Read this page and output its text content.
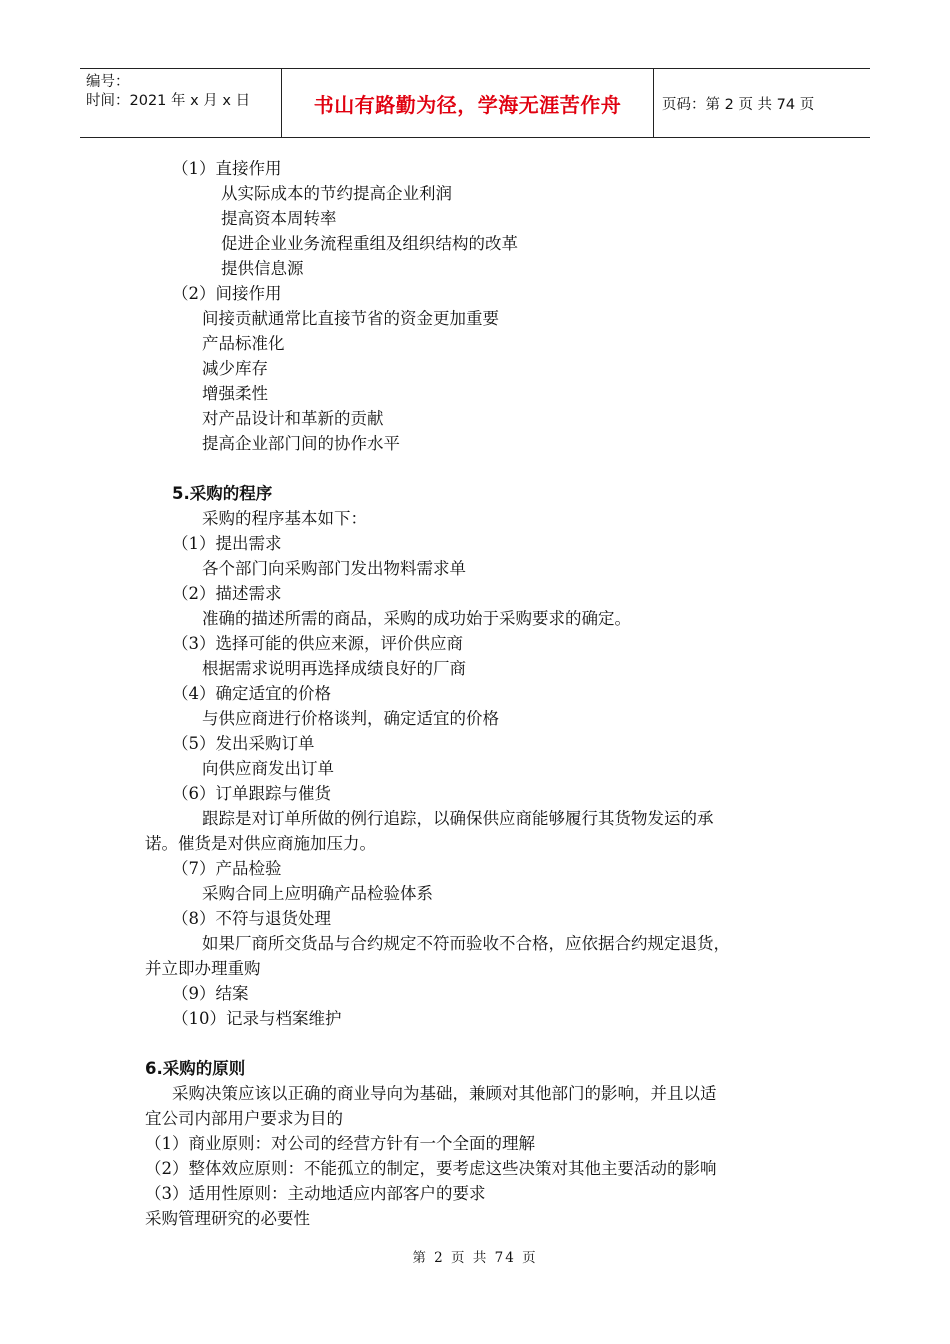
编号：
时间：2021 年 x 月 x 日	书山有路勤为径，学海无涯苦作舟	页码：第 2 页 共 74 页
（1）直接作用
从实际成本的节约提高企业利润
提高资本周转率
促进企业业务流程重组及组织结构的改革
提供信息源
（2）间接作用
间接贡献通常比直接节省的资金更加重要
产品标准化
减少库存
增强柔性
对产品设计和革新的贡献
提高企业部门间的协作水平
5.采购的程序
采购的程序基本如下：
（1）提出需求
各个部门向采购部门发出物料需求单
（2）描述需求
准确的描述所需的商品，采购的成功始于采购要求的确定。
（3）选择可能的供应来源，评价供应商
根据需求说明再选择成绩良好的厂商
（4）确定适宜的价格
与供应商进行价格谈判，确定适宜的价格
（5）发出采购订单
向供应商发出订单
（6）订单跟踪与催货
跟踪是对订单所做的例行追踪，以确保供应商能够履行其货物发运的承
诺。催货是对供应商施加压力。
（7）产品检验
采购合同上应明确产品检验体系
（8）不符与退货处理
如果厂商所交货品与合约规定不符而验收不合格，应依据合约规定退货，
并立即办理重购
（9）结案
（10）记录与档案维护
6.采购的原则
采购决策应该以正确的商业导向为基础，兼顾对其他部门的影响，并且以适
宜公司内部用户要求为目的
（1）商业原则：对公司的经营方针有一个全面的理解
（2）整体效应原则：不能孤立的制定，要考虑这些决策对其他主要活动的影响
（3）适用性原则：主动地适应内部客户的要求
采购管理研究的必要性
第 2 页 共 74 页
